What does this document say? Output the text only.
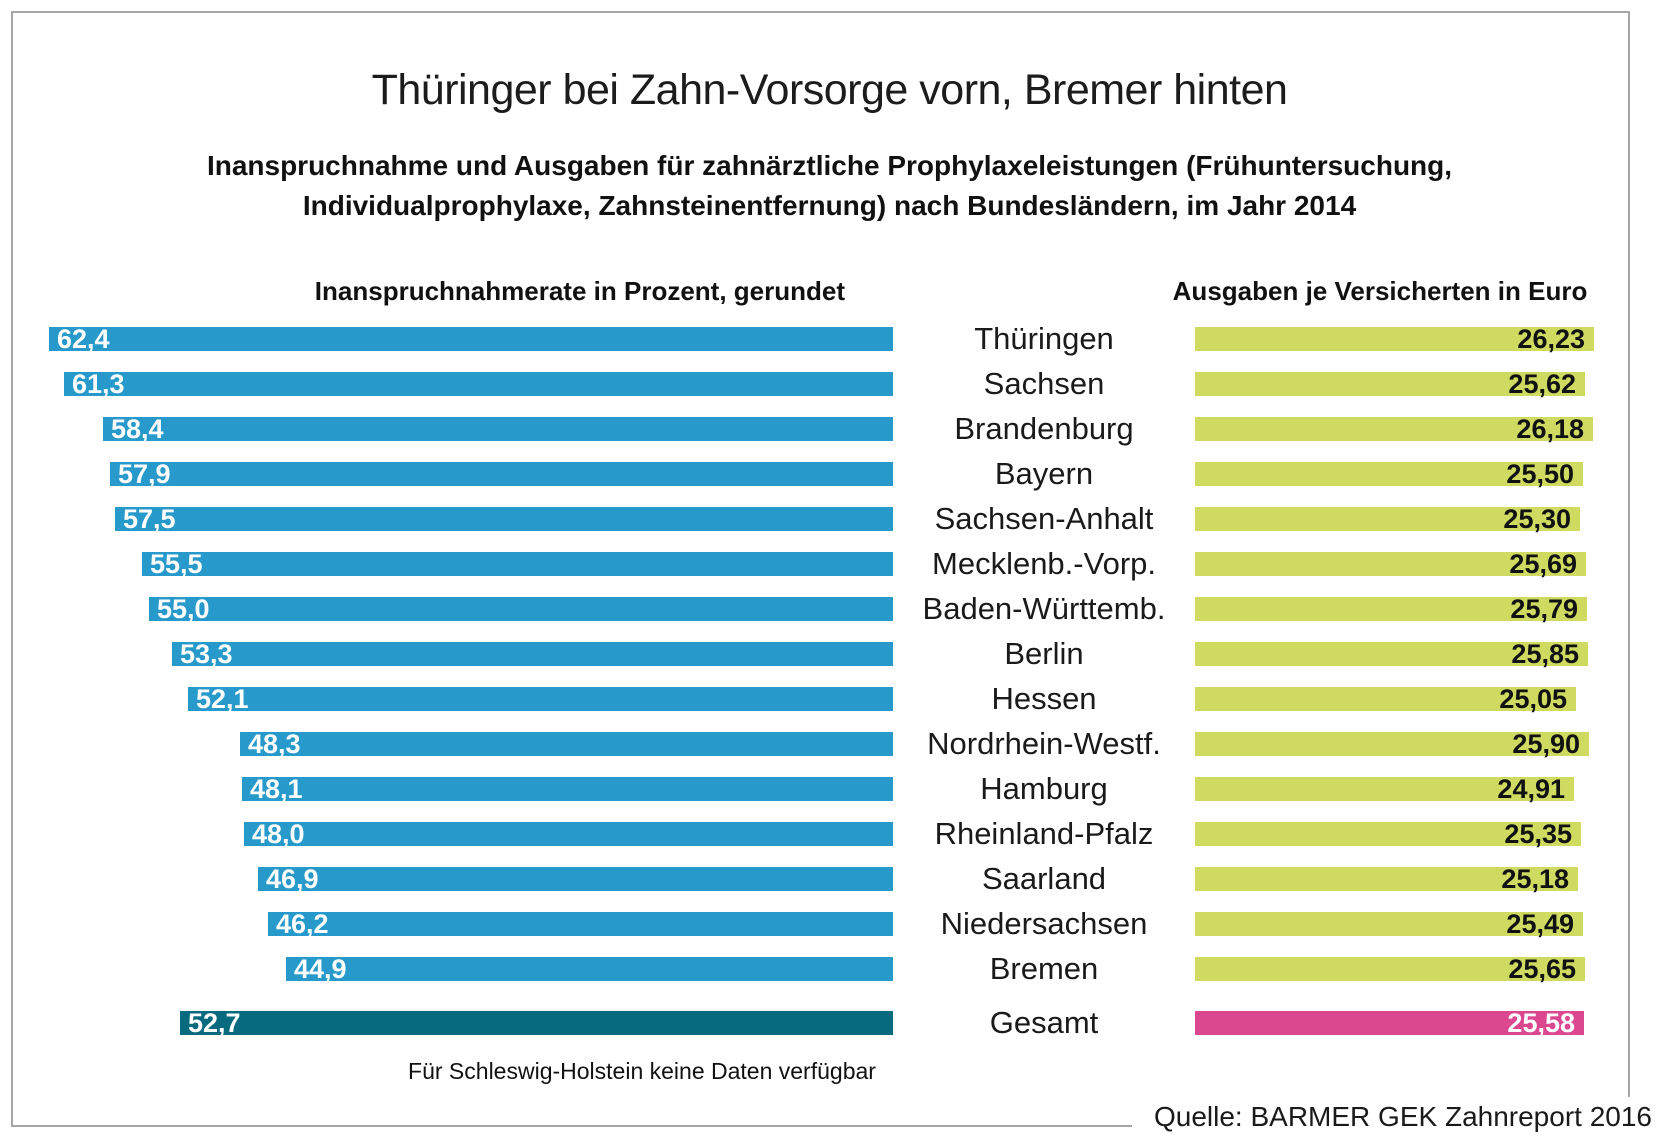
Thüringer bei Zahn-Vorsorge vorn, Bremer hinten
Inanspruchnahme und Ausgaben für zahnärztliche Prophylaxeleistungen (Frühuntersuchung,
Individualprophylaxe, Zahnsteinentfernung) nach Bundesländern, im Jahr 2014
Inanspruchnahmerate in Prozent, gerundet	Ausgaben je Versicherten in Euro
62,4	Thüringen	26,23
61,3	Sachsen	25,62
58,4	Brandenburg	26,18
57,9	Bayern	25,50
57,5	Sachsen-Anhalt	25,30
55,5	Mecklenb.-Vorp.	25,69
55,0	Baden-Württemb.	25,79
53,3	Berlin	25,85
52,1	Hessen	25,05
48,3	Nordrhein-Westf.	25,90
48,1	Hamburg	24,91
48,0	Rheinland-Pfalz	25,35
46,9	Saarland	25,18
46,2	Niedersachsen	25,49
44,9	Bremen	25,65
52,7	Gesamt	25,58
Für Schleswig-Holstein keine Daten verfügbar
Quelle: BARMER GEK Zahnreport 2016
